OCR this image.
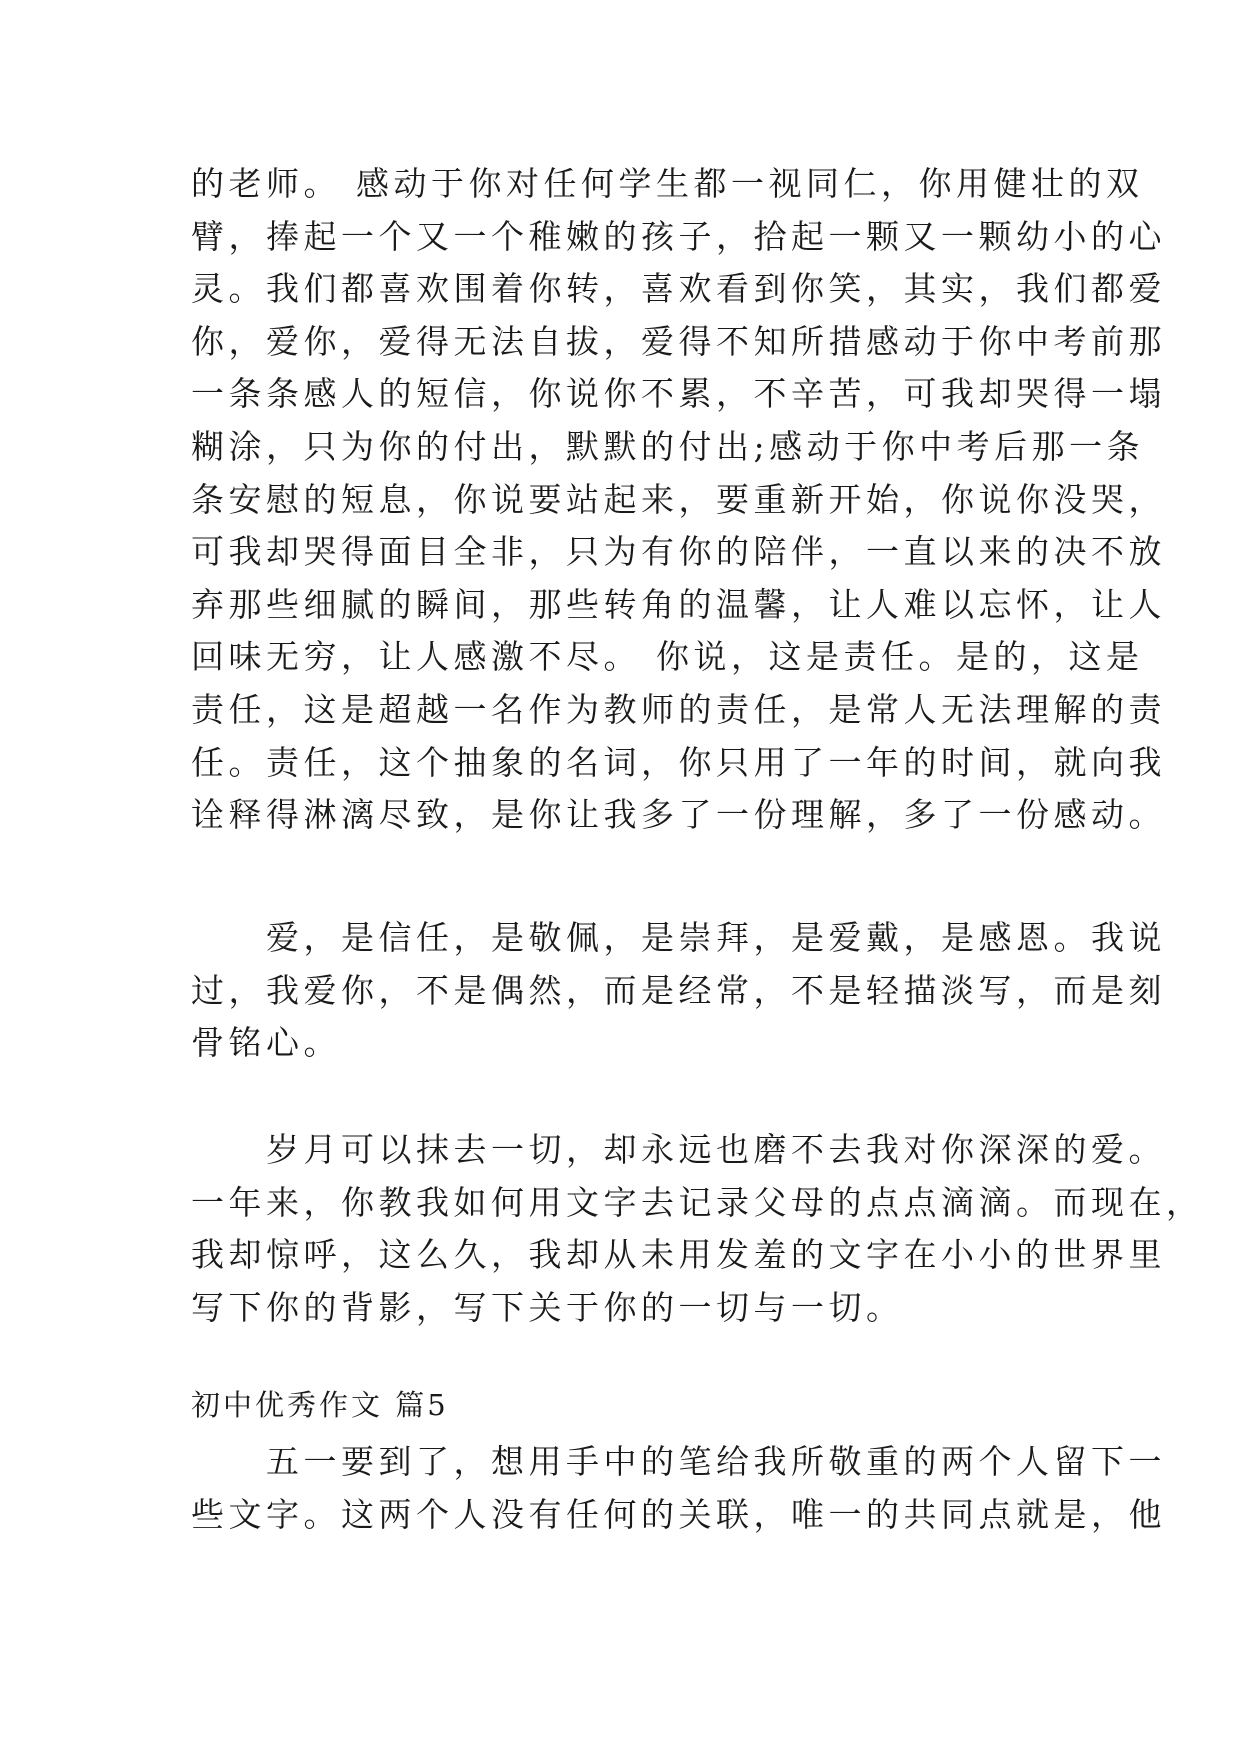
的老师。 感动于你对任何学生都一视同仁，你用健壮的双
臂，捧起一个又一个稚嫩的孩子，拾起一颗又一颗幼小的心
灵。我们都喜欢围着你转，喜欢看到你笑，其实，我们都爱
你，爱你，爱得无法自拔，爱得不知所措感动于你中考前那
一条条感人的短信，你说你不累，不辛苦，可我却哭得一塌
糊涂，只为你的付出，默默的付出;感动于你中考后那一条
条安慰的短息，你说要站起来，要重新开始，你说你没哭，
可我却哭得面目全非，只为有你的陪伴，一直以来的决不放
弃那些细腻的瞬间，那些转角的温馨，让人难以忘怀，让人
回味无穷，让人感激不尽。 你说，这是责任。是的，这是
责任，这是超越一名作为教师的责任，是常人无法理解的责
任。责任，这个抽象的名词，你只用了一年的时间，就向我
诠释得淋漓尽致，是你让我多了一份理解，多了一份感动。

　　爱，是信任，是敬佩，是崇拜，是爱戴，是感恩。我说
过，我爱你，不是偶然，而是经常，不是轻描淡写，而是刻
骨铭心。

　　岁月可以抹去一切，却永远也磨不去我对你深深的爱。
一年来，你教我如何用文字去记录父母的点点滴滴。而现在，
我却惊呼，这么久，我却从未用发羞的文字在小小的世界里
写下你的背影，写下关于你的一切与一切。

初中优秀作文 篇5

　　五一要到了，想用手中的笔给我所敬重的两个人留下一
些文字。这两个人没有任何的关联，唯一的共同点就是，他
